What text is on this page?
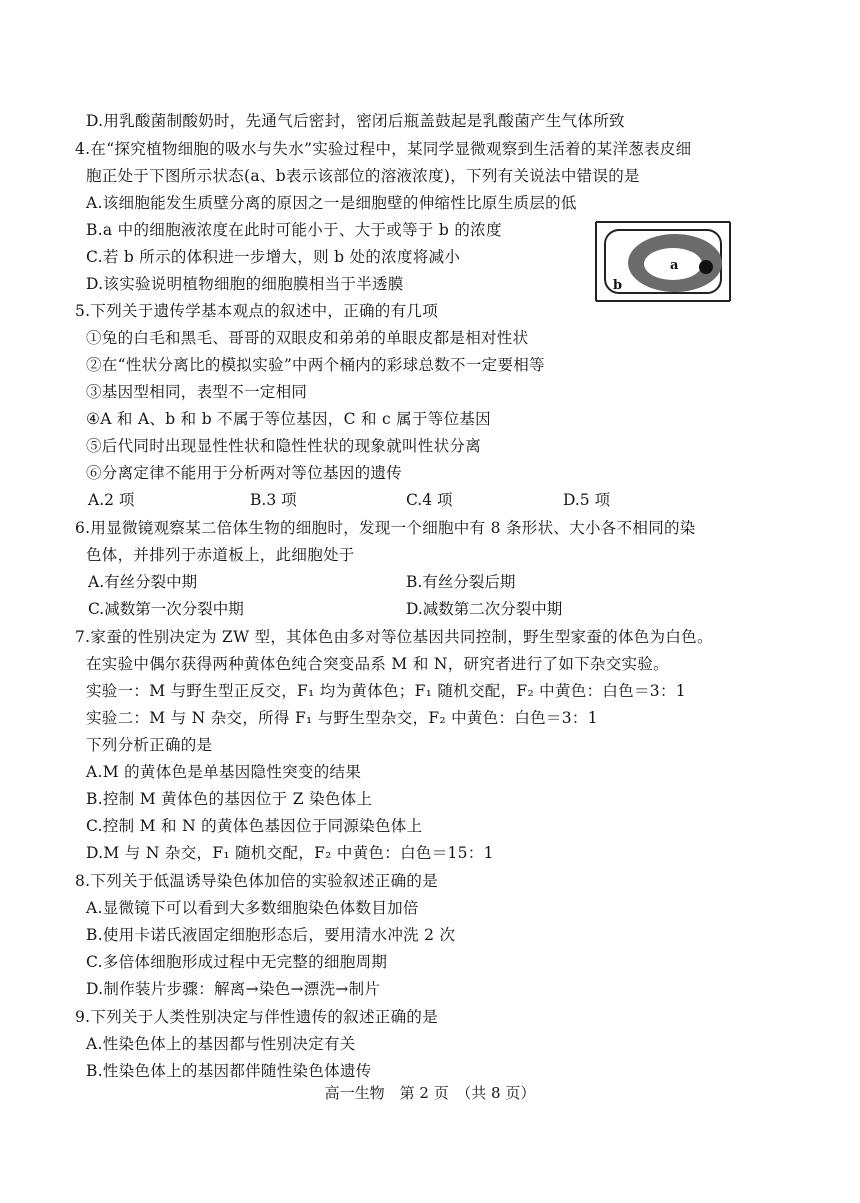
D.用乳酸菌制酸奶时，先通气后密封，密闭后瓶盖鼓起是乳酸菌产生气体所致
4.在“探究植物细胞的吸水与失水”实验过程中，某同学显微观察到生活着的某洋葱表皮细
胞正处于下图所示状态(a、b表示该部位的溶液浓度)，下列有关说法中错误的是
A.该细胞能发生质壁分离的原因之一是细胞壁的伸缩性比原生质层的低
B.a 中的细胞液浓度在此时可能小于、大于或等于 b 的浓度
C.若 b 所示的体积进一步增大，则 b 处的浓度将减小
D.该实验说明植物细胞的细胞膜相当于半透膜
a
b
5.下列关于遗传学基本观点的叙述中，正确的有几项
①兔的白毛和黑毛、哥哥的双眼皮和弟弟的单眼皮都是相对性状
②在“性状分离比的模拟实验”中两个桶内的彩球总数不一定要相等
③基因型相同，表型不一定相同
④A 和 A、b 和 b 不属于等位基因，C 和 c 属于等位基因
⑤后代同时出现显性性状和隐性性状的现象就叫性状分离
⑥分离定律不能用于分析两对等位基因的遗传
A.2 项	B.3 项	C.4 项	D.5 项
6.用显微镜观察某二倍体生物的细胞时，发现一个细胞中有 8 条形状、大小各不相同的染
色体，并排列于赤道板上，此细胞处于
A.有丝分裂中期	B.有丝分裂后期
C.减数第一次分裂中期	D.减数第二次分裂中期
7.家蚕的性别决定为 ZW 型，其体色由多对等位基因共同控制，野生型家蚕的体色为白色。
在实验中偶尔获得两种黄体色纯合突变品系 M 和 N，研究者进行了如下杂交实验。
实验一：M 与野生型正反交，F₁ 均为黄体色；F₁ 随机交配，F₂ 中黄色：白色＝3：1
实验二：M 与 N 杂交，所得 F₁ 与野生型杂交，F₂ 中黄色：白色＝3：1
下列分析正确的是
A.M 的黄体色是单基因隐性突变的结果
B.控制 M 黄体色的基因位于 Z 染色体上
C.控制 M 和 N 的黄体色基因位于同源染色体上
D.M 与 N 杂交，F₁ 随机交配，F₂ 中黄色：白色＝15：1
8.下列关于低温诱导染色体加倍的实验叙述正确的是
A.显微镜下可以看到大多数细胞染色体数目加倍
B.使用卡诺氏液固定细胞形态后，要用清水冲洗 2 次
C.多倍体细胞形成过程中无完整的细胞周期
D.制作装片步骤：解离→染色→漂洗→制片
9.下列关于人类性别决定与伴性遗传的叙述正确的是
A.性染色体上的基因都与性别决定有关
B.性染色体上的基因都伴随性染色体遗传
高一生物　第 2 页　（共 8 页）
